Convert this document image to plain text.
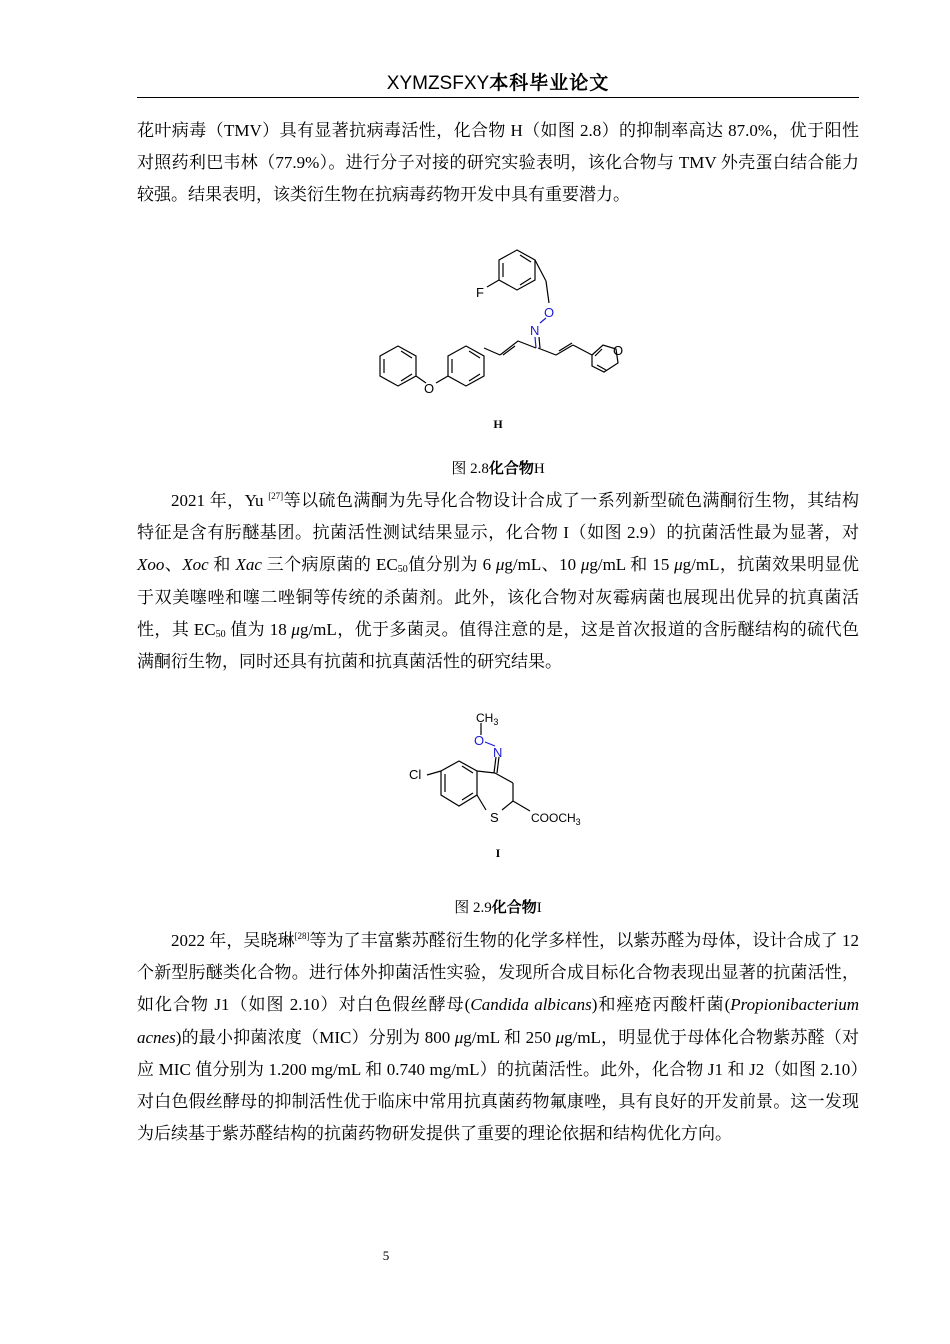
XYMZSFXY本科毕业论文

花叶病毒（TMV）具有显著抗病毒活性，化合物 H（如图 2.8）的抑制率高达 87.0%，优于阳性对照药利巴韦林（77.9%）。进行分子对接的研究实验表明，该化合物与 TMV 外壳蛋白结合能力较强。结果表明，该类衍生物在抗病毒药物开发中具有重要潜力。

F
O
N
O
O
H
图 2.8化合物H

2021 年，Yu [27]等以硫色满酮为先导化合物设计合成了一系列新型硫色满酮衍生物，其结构特征是含有肟醚基团。抗菌活性测试结果显示，化合物 I（如图 2.9）的抗菌活性最为显著，对 Xoo、Xoc 和 Xac 三个病原菌的 $EC_{50}$值分别为 6 μg/mL、10 μg/mL 和 15 μg/mL，抗菌效果明显优于双美噻唑和噻二唑铜等传统的杀菌剂。此外，该化合物对灰霉病菌也展现出优异的抗真菌活性，其 $EC_{50}$ 值为 18 μg/mL，优于多菌灵。值得注意的是，这是首次报道的含肟醚结构的硫代色满酮衍生物，同时还具有抗菌和抗真菌活性的研究结果。

$CH_3$
O
N
Cl
S	$COOCH_3$
I
图 2.9化合物I

2022 年，吴晓琳[28]等为了丰富紫苏醛衍生物的化学多样性，以紫苏醛为母体，设计合成了 12 个新型肟醚类化合物。进行体外抑菌活性实验，发现所合成目标化合物表现出显著的抗菌活性，如化合物 J1（如图 2.10）对白色假丝酵母(Candida albicans)和痤疮丙酸杆菌(Propionibacterium acnes)的最小抑菌浓度（MIC）分别为 800 μg/mL 和 250 μg/mL，明显优于母体化合物紫苏醛（对应 MIC 值分别为 1.200 mg/mL 和 0.740 mg/mL）的抗菌活性。此外，化合物 J1 和 J2（如图 2.10）对白色假丝酵母的抑制活性优于临床中常用抗真菌药物氟康唑，具有良好的开发前景。这一发现为后续基于紫苏醛结构的抗菌药物研发提供了重要的理论依据和结构优化方向。

5
